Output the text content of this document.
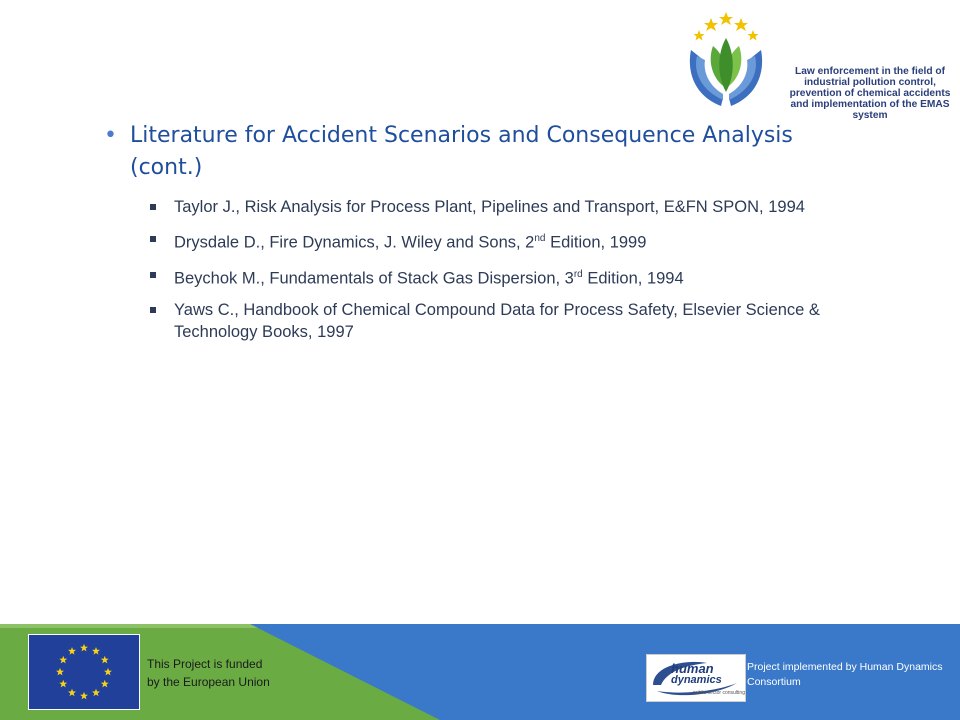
Law enforcement in the field of
industrial pollution control,
prevention of chemical accidents
and implementation of the EMAS system
• Literature for Accident Scenarios and Consequence Analysis (cont.)
Taylor J., Risk Analysis for Process Plant, Pipelines and Transport, E&FN SPON, 1994
Drysdale D., Fire Dynamics, J. Wiley and Sons, 2nd Edition, 1999
Beychok M., Fundamentals of Stack Gas Dispersion, 3rd Edition, 1994
Yaws C., Handbook of Chemical Compound Data for Process Safety, Elsevier Science & Technology Books, 1997
This Project is funded
by the European Union
human
dynamics
public sector consulting
Project implemented by Human Dynamics Consortium
